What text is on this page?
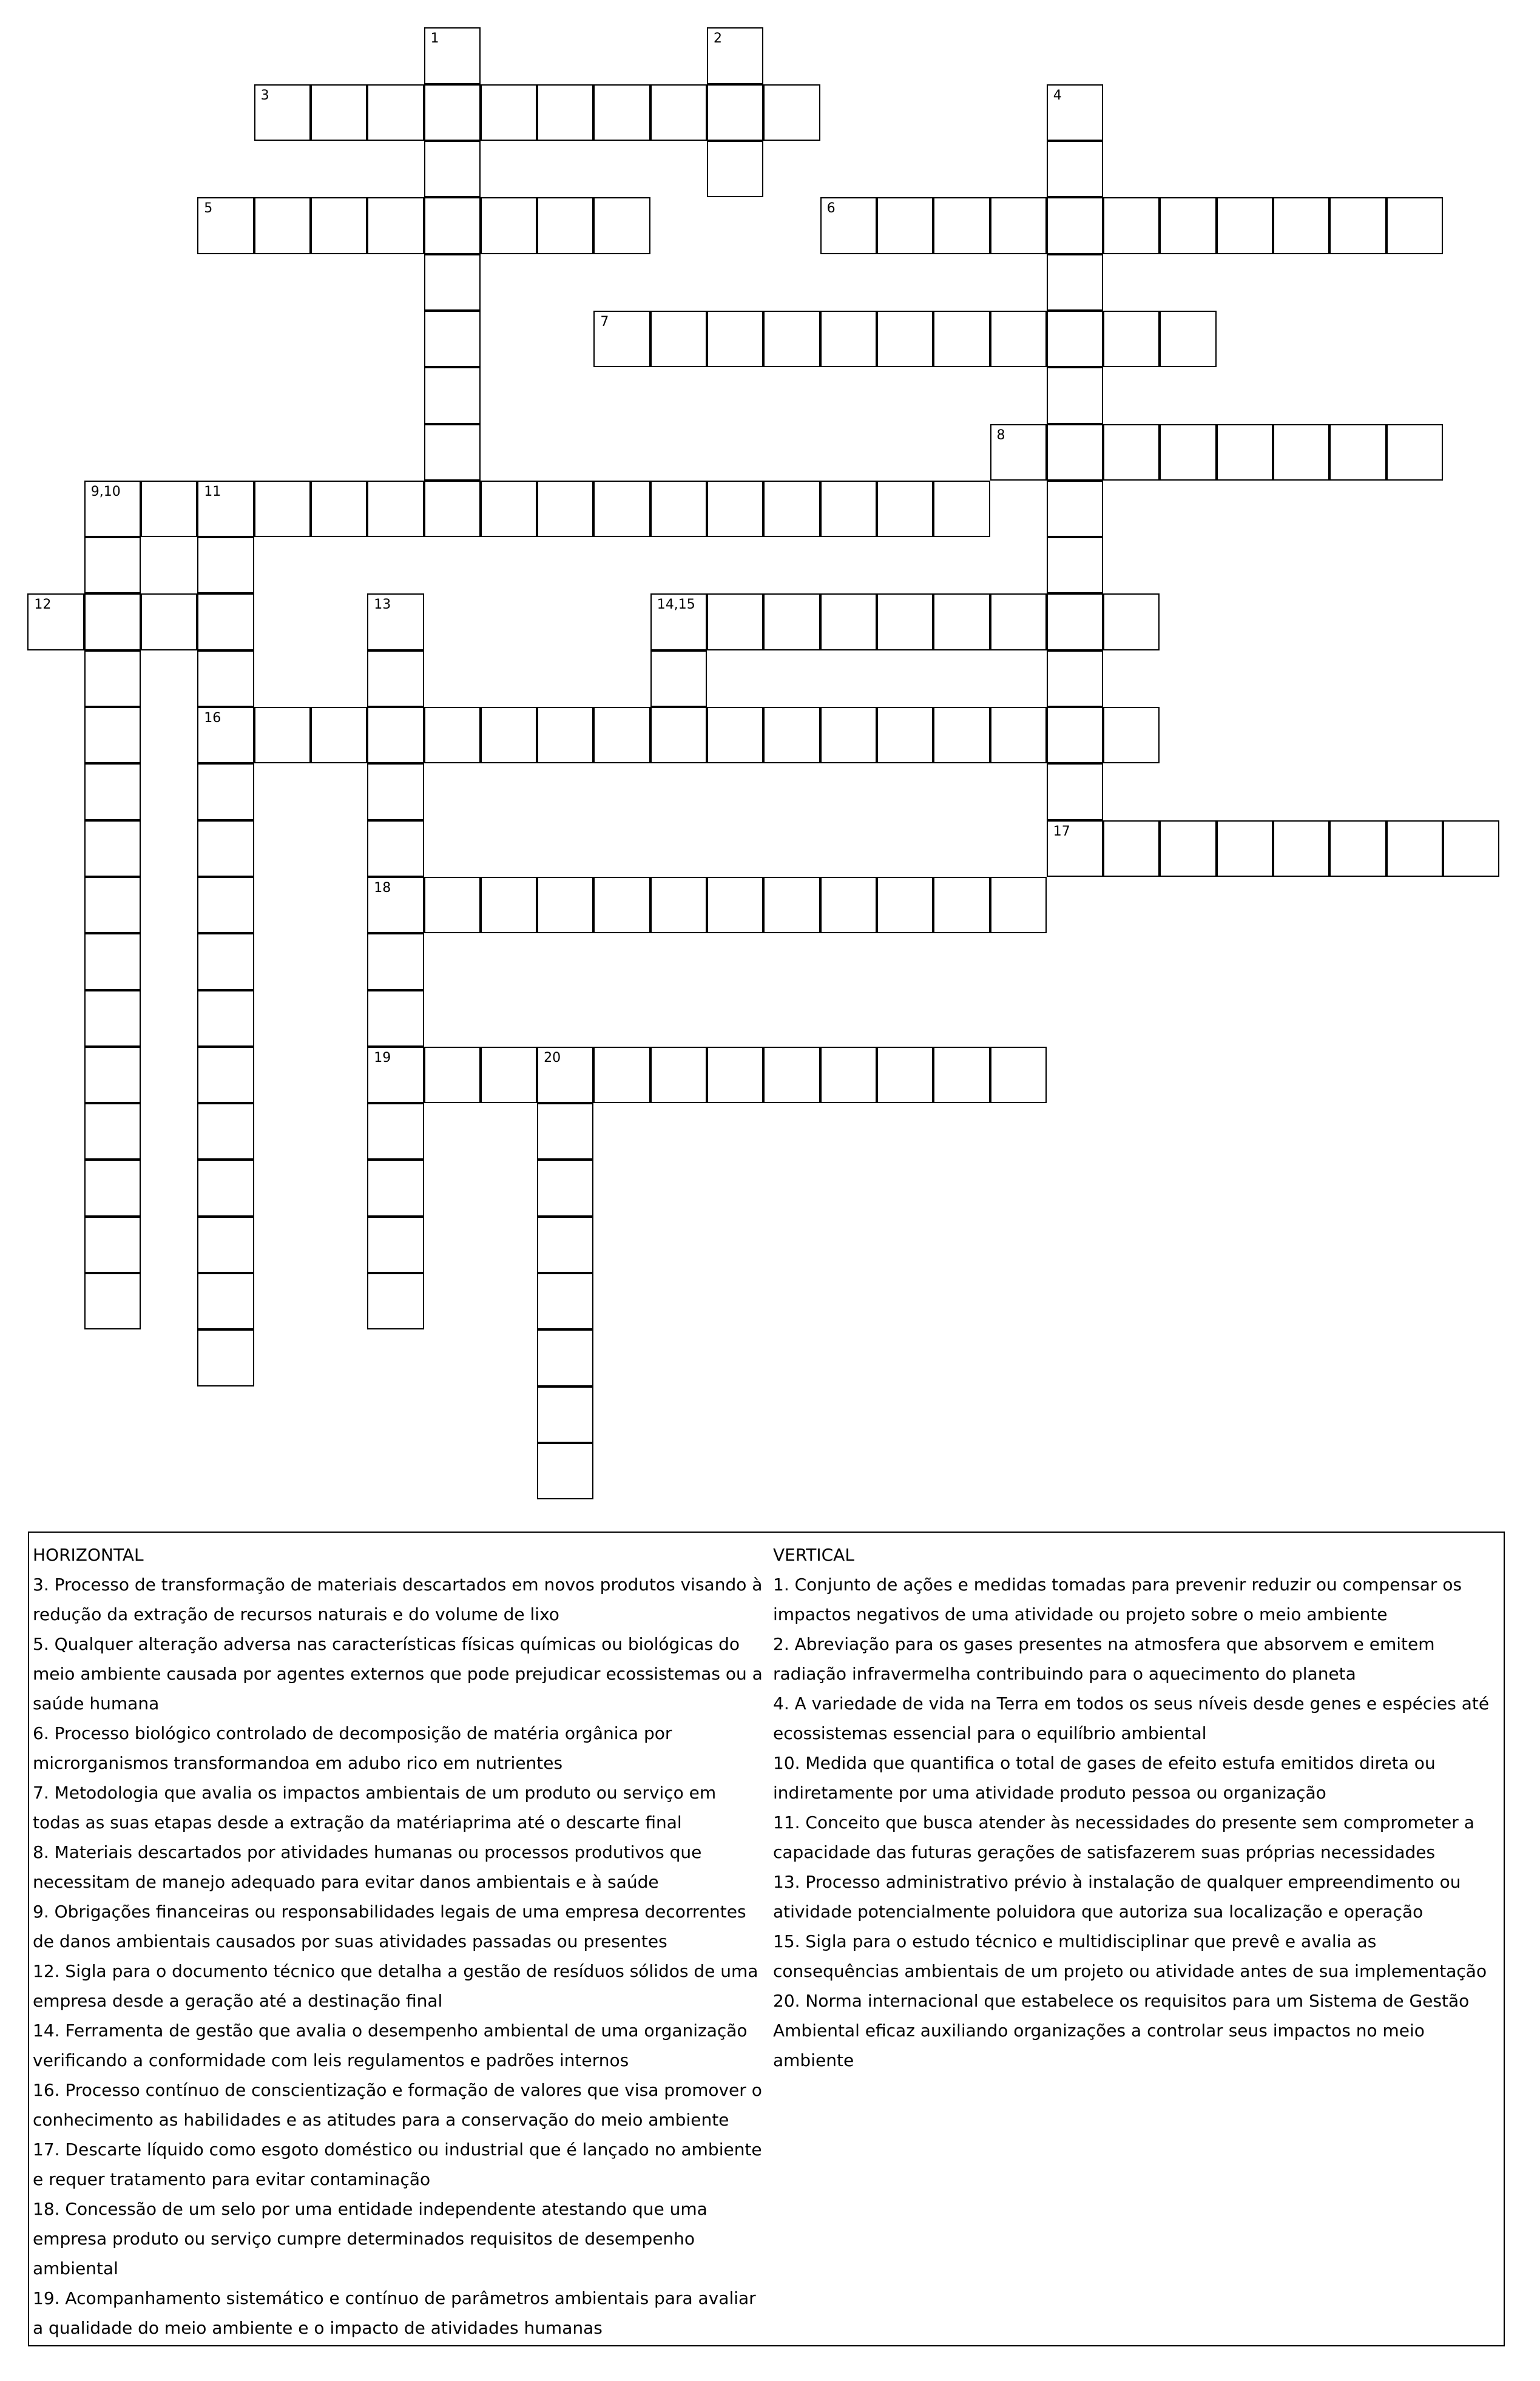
1	2
3	4
17
5	6
7
8
9,10	11
16
12	13
18
19
14,15
20
HORIZONTAL
3. Processo de transformação de materiais descartados em novos produtos visando à redução da extração de recursos naturais e do volume de lixo
5. Qualquer alteração adversa nas características físicas químicas ou biológicas do meio ambiente causada por agentes externos que pode prejudicar ecossistemas ou a saúde humana
6. Processo biológico controlado de decomposição de matéria orgânica por microrganismos transformandoa em adubo rico em nutrientes
7. Metodologia que avalia os impactos ambientais de um produto ou serviço em todas as suas etapas desde a extração da matériaprima até o descarte final
8. Materiais descartados por atividades humanas ou processos produtivos que necessitam de manejo adequado para evitar danos ambientais e à saúde
9. Obrigações financeiras ou responsabilidades legais de uma empresa decorrentes de danos ambientais causados por suas atividades passadas ou presentes
12. Sigla para o documento técnico que detalha a gestão de resíduos sólidos de uma empresa desde a geração até a destinação final
14. Ferramenta de gestão que avalia o desempenho ambiental de uma organização verificando a conformidade com leis regulamentos e padrões internos
16. Processo contínuo de conscientização e formação de valores que visa promover o conhecimento as habilidades e as atitudes para a conservação do meio ambiente
17. Descarte líquido como esgoto doméstico ou industrial que é lançado no ambiente e requer tratamento para evitar contaminação
18. Concessão de um selo por uma entidade independente atestando que uma empresa produto ou serviço cumpre determinados requisitos de desempenho ambiental
19. Acompanhamento sistemático e contínuo de parâmetros ambientais para avaliar a qualidade do meio ambiente e o impacto de atividades humanas
VERTICAL
1. Conjunto de ações e medidas tomadas para prevenir reduzir ou compensar os impactos negativos de uma atividade ou projeto sobre o meio ambiente
2. Abreviação para os gases presentes na atmosfera que absorvem e emitem radiação infravermelha contribuindo para o aquecimento do planeta
4. A variedade de vida na Terra em todos os seus níveis desde genes e espécies até ecossistemas essencial para o equilíbrio ambiental
10. Medida que quantifica o total de gases de efeito estufa emitidos direta ou indiretamente por uma atividade produto pessoa ou organização
11. Conceito que busca atender às necessidades do presente sem comprometer a capacidade das futuras gerações de satisfazerem suas próprias necessidades
13. Processo administrativo prévio à instalação de qualquer empreendimento ou atividade potencialmente poluidora que autoriza sua localização e operação
15. Sigla para o estudo técnico e multidisciplinar que prevê e avalia as consequências ambientais de um projeto ou atividade antes de sua implementação
20. Norma internacional que estabelece os requisitos para um Sistema de Gestão Ambiental eficaz auxiliando organizações a controlar seus impactos no meio ambiente
